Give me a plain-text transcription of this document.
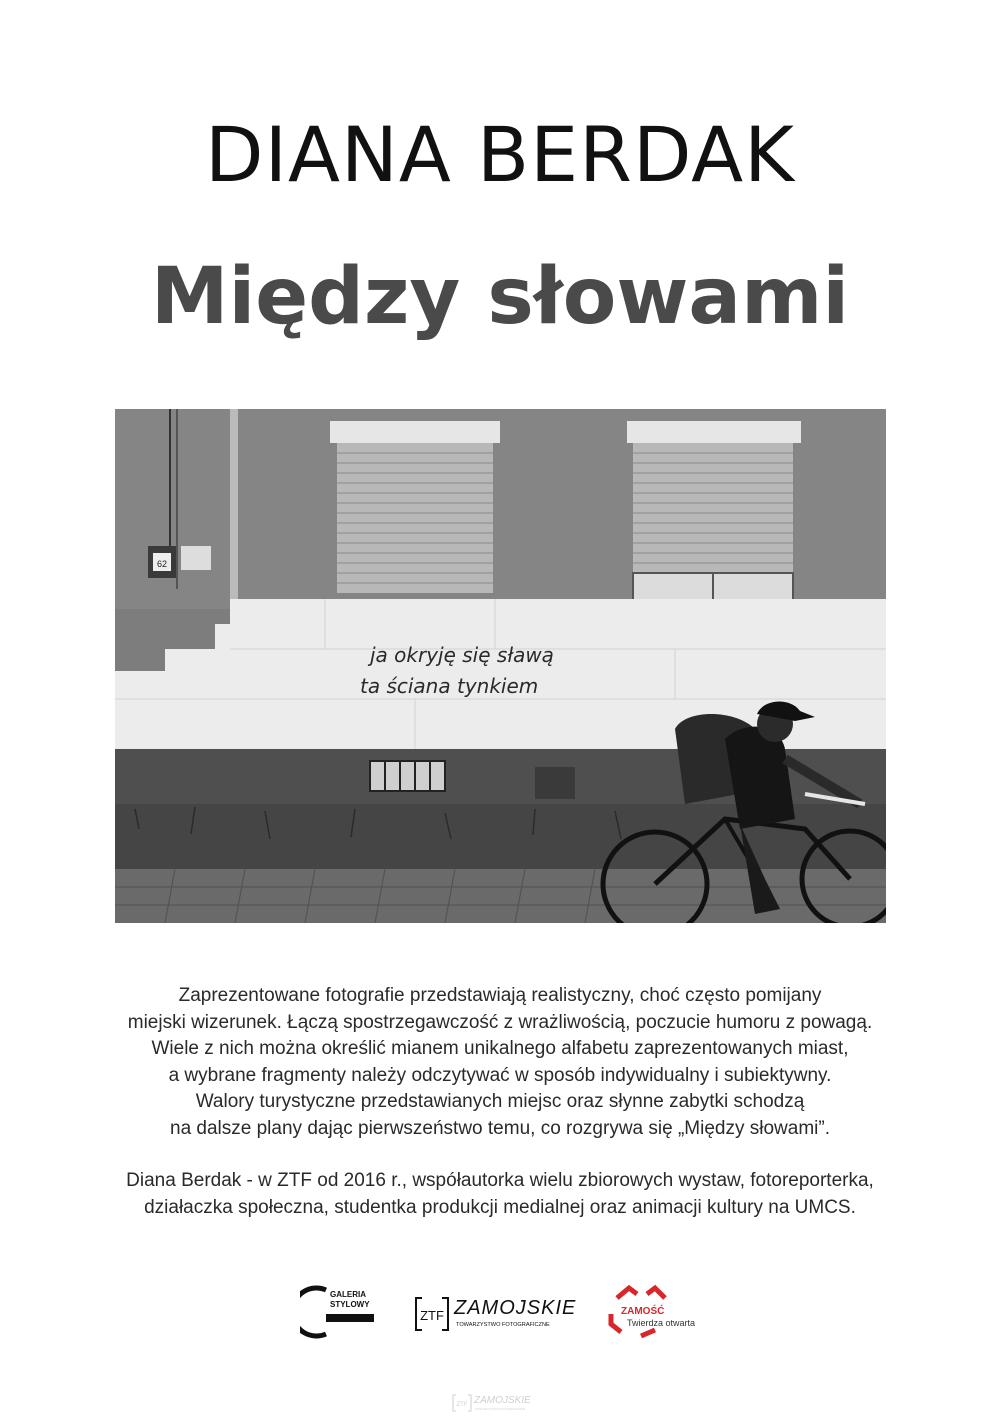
DIANA BERDAK
Między słowami
62
ja okryję się sławą
ta ściana tynkiem

Zaprezentowane fotografie przedstawiają realistyczny, choć często pomijany

miejski wizerunek. Łączą spostrzegawczość z wrażliwością, poczucie humoru z powagą.

Wiele z nich można określić mianem unikalnego alfabetu zaprezentowanych miast,

a wybrane fragmenty należy odczytywać w sposób indywidualny i subiektywny.

Walory turystyczne przedstawianych miejsc oraz słynne zabytki schodzą

na dalsze plany dając pierwszeństwo temu, co rozgrywa się „Między słowami”.

Diana Berdak - w ZTF od 2016 r., współautorka wielu zbiorowych wystaw, fotoreporterka,

działaczka społeczna, studentka produkcji medialnej oraz animacji kultury na UMCS.

GALERIA
STYLOWY
ZTF ZAMOJSKIE
TOWARZYSTWO FOTOGRAFICZNE
ZAMOŚĆ
Twierdza otwarta
ZTF ZAMOJSKIE
TOWARZYSTWO FOTOGRAFICZNE
